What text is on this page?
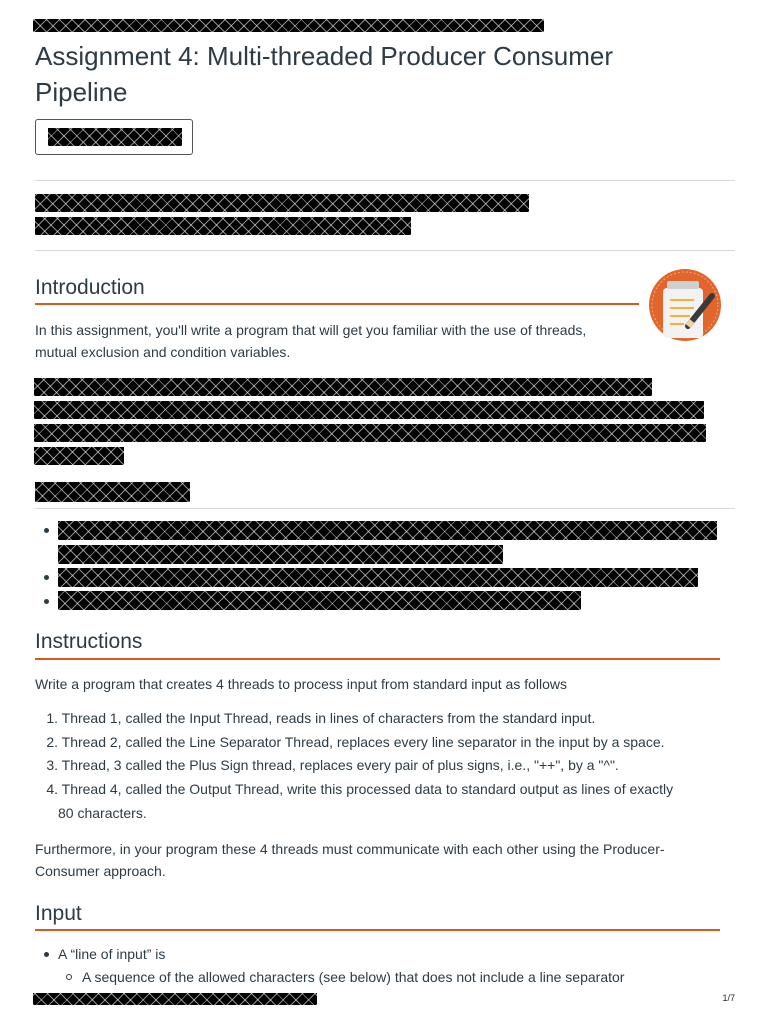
Assignment 4: Multi-threaded Producer Consumer
Pipeline
Introduction

In this assignment, you'll write a program that will get you familiar with the use of threads,
mutual exclusion and condition variables.

Instructions
Write a program that creates 4 threads to process input from standard input as follows
1. Thread 1, called the Input Thread, reads in lines of characters from the standard input.
2. Thread 2, called the Line Separator Thread, replaces every line separator in the input by a space.
3. Thread, 3 called the Plus Sign thread, replaces every pair of plus signs, i.e., "++", by a "^".
4. Thread 4, called the Output Thread, write this processed data to standard output as lines of exactly
80 characters.

Furthermore, in your program these 4 threads must communicate with each other using the Producer-
Consumer approach.

Input
A “line of input” is
A sequence of the allowed characters (see below) that does not include a line separator
1/7
